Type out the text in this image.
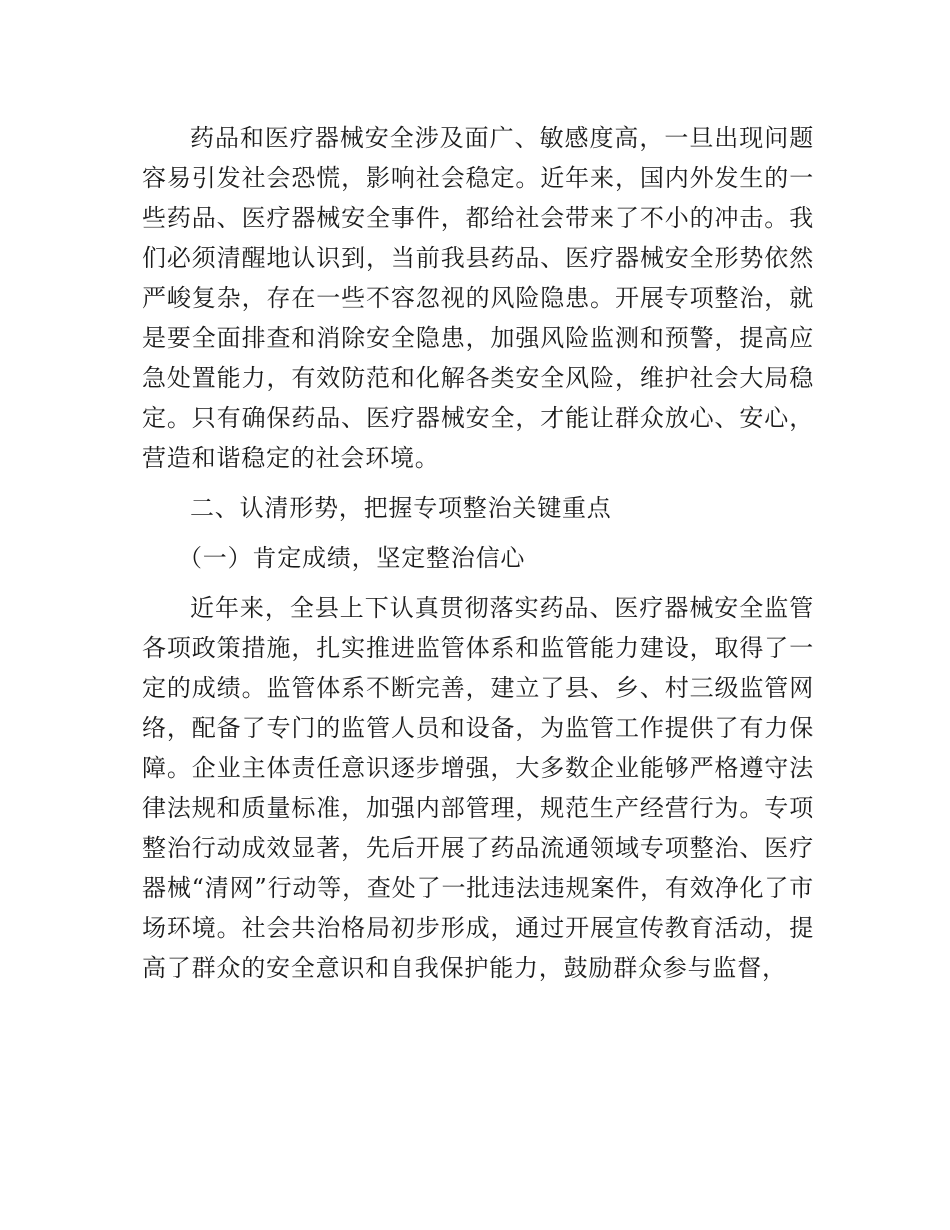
药品和医疗器械安全涉及面广、敏感度高，一旦出现问题容易引发社会恐慌，影响社会稳定。近年来，国内外发生的一些药品、医疗器械安全事件，都给社会带来了不小的冲击。我们必须清醒地认识到，当前我县药品、医疗器械安全形势依然严峻复杂，存在一些不容忽视的风险隐患。开展专项整治，就是要全面排查和消除安全隐患，加强风险监测和预警，提高应急处置能力，有效防范和化解各类安全风险，维护社会大局稳定。只有确保药品、医疗器械安全，才能让群众放心、安心，营造和谐稳定的社会环境。

二、认清形势，把握专项整治关键重点

（一）肯定成绩，坚定整治信心

近年来，全县上下认真贯彻落实药品、医疗器械安全监管各项政策措施，扎实推进监管体系和监管能力建设，取得了一定的成绩。监管体系不断完善，建立了县、乡、村三级监管网络，配备了专门的监管人员和设备，为监管工作提供了有力保障。企业主体责任意识逐步增强，大多数企业能够严格遵守法律法规和质量标准，加强内部管理，规范生产经营行为。专项整治行动成效显著，先后开展了药品流通领域专项整治、医疗器械“清网”行动等，查处了一批违法违规案件，有效净化了市场环境。社会共治格局初步形成，通过开展宣传教育活动，提高了群众的安全意识和自我保护能力，鼓励群众参与监督，
